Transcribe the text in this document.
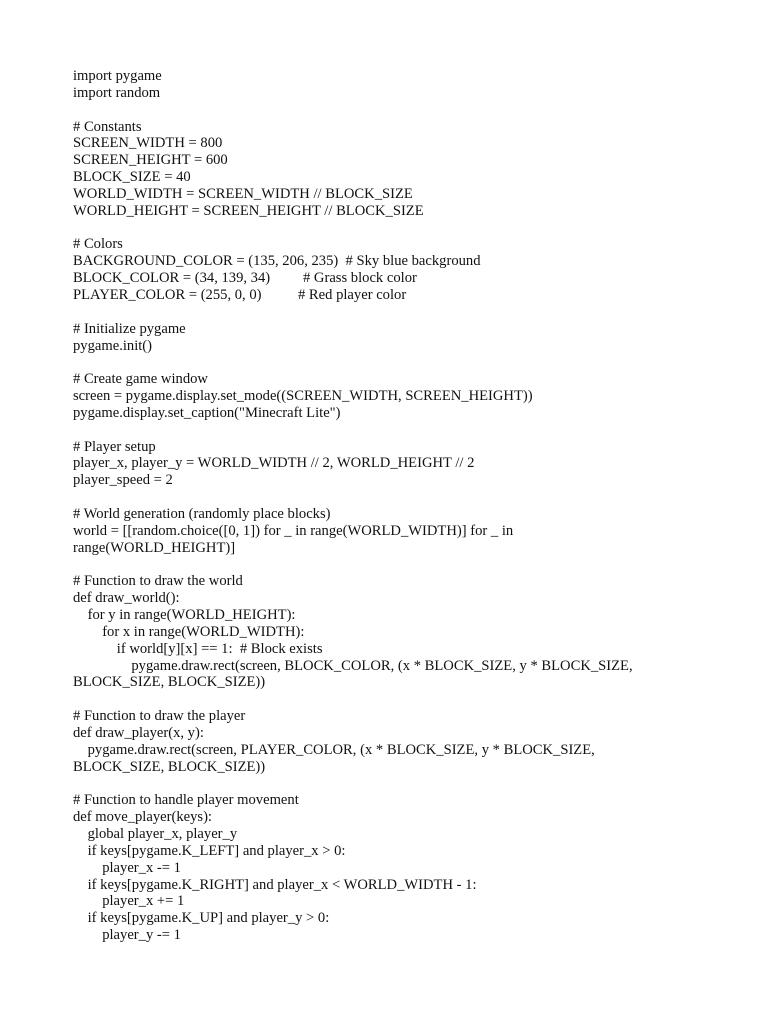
import pygame
import random
# Constants
SCREEN_WIDTH = 800
SCREEN_HEIGHT = 600
BLOCK_SIZE = 40
WORLD_WIDTH = SCREEN_WIDTH // BLOCK_SIZE
WORLD_HEIGHT = SCREEN_HEIGHT // BLOCK_SIZE
# Colors
BACKGROUND_COLOR = (135, 206, 235)  # Sky blue background
BLOCK_COLOR = (34, 139, 34)         # Grass block color
PLAYER_COLOR = (255, 0, 0)          # Red player color
# Initialize pygame
pygame.init()
# Create game window
screen = pygame.display.set_mode((SCREEN_WIDTH, SCREEN_HEIGHT))
pygame.display.set_caption("Minecraft Lite")
# Player setup
player_x, player_y = WORLD_WIDTH // 2, WORLD_HEIGHT // 2
player_speed = 2
# World generation (randomly place blocks)
world = [[random.choice([0, 1]) for _ in range(WORLD_WIDTH)] for _ in
range(WORLD_HEIGHT)]
# Function to draw the world
def draw_world():
for y in range(WORLD_HEIGHT):
for x in range(WORLD_WIDTH):
if world[y][x] == 1:  # Block exists
pygame.draw.rect(screen, BLOCK_COLOR, (x * BLOCK_SIZE, y * BLOCK_SIZE,
BLOCK_SIZE, BLOCK_SIZE))
# Function to draw the player
def draw_player(x, y):
pygame.draw.rect(screen, PLAYER_COLOR, (x * BLOCK_SIZE, y * BLOCK_SIZE,
BLOCK_SIZE, BLOCK_SIZE))
# Function to handle player movement
def move_player(keys):
global player_x, player_y
if keys[pygame.K_LEFT] and player_x > 0:
player_x -= 1
if keys[pygame.K_RIGHT] and player_x < WORLD_WIDTH - 1:
player_x += 1
if keys[pygame.K_UP] and player_y > 0:
player_y -= 1
